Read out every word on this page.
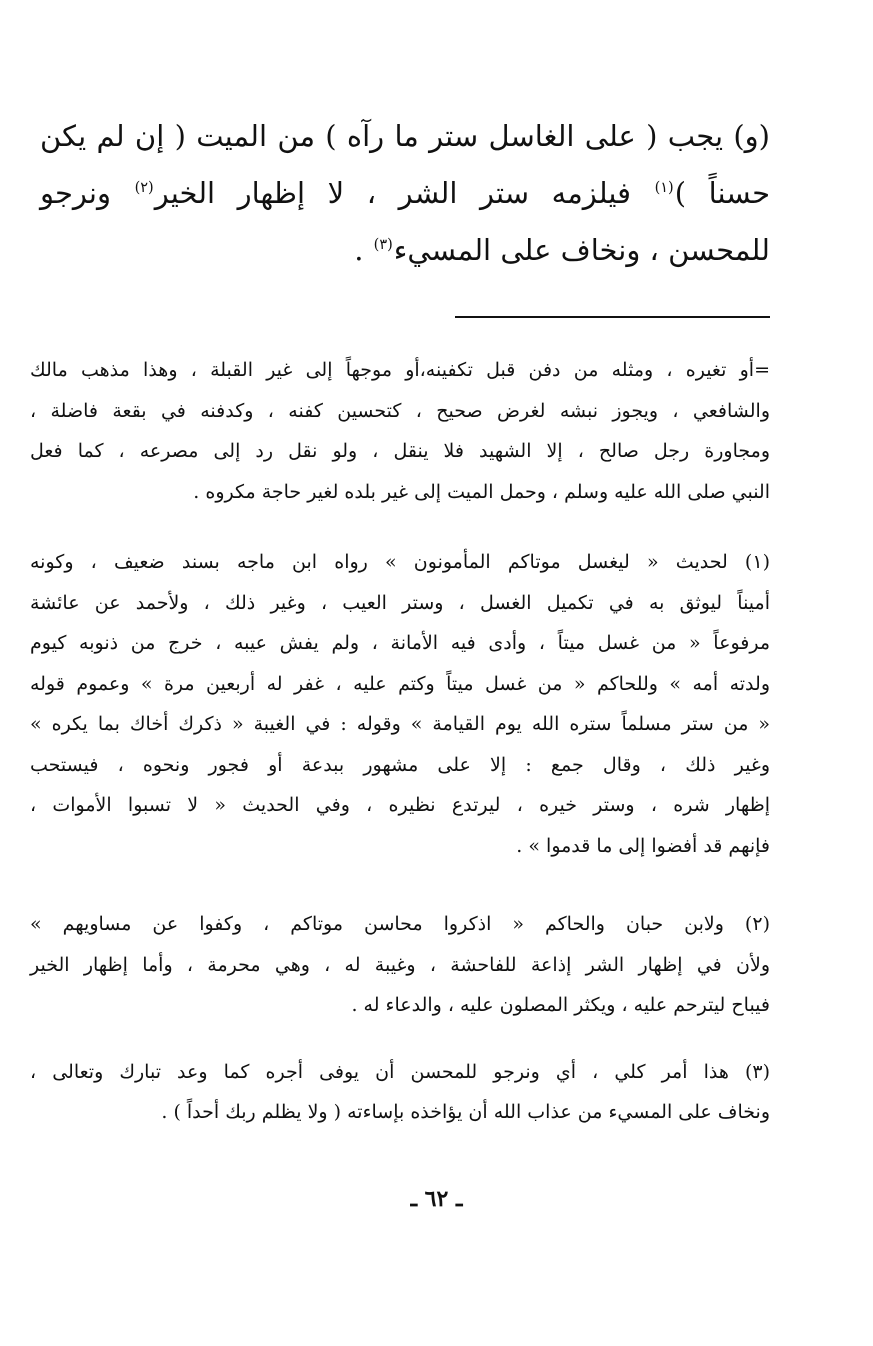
(و) يجب ( على الغاسل ستر ما رآه ) من الميت ( إن لم يكن
حسناً )$^{(١)}$ فيلزمه ستر الشر ، لا إظهار الخير$^{(٢)}$ ونرجو
للمحسن ، ونخاف على المسيء$^{(٣)}$ .
=أو تغيره ، ومثله من دفن قبل تكفينه،أو موجهاً إلى غير القبلة ، وهذا مذهب مالك
والشافعي ، ويجوز نبشه لغرض صحيح ، كتحسين كفنه ، وكدفنه في بقعة فاضلة ،
ومجاورة رجل صالح ، إلا الشهيد فلا ينقل ، ولو نقل رد إلى مصرعه ، كما فعل
النبي صلى الله عليه وسلم ، وحمل الميت إلى غير بلده لغير حاجة مكروه .
(١) لحديث « ليغسل موتاكم المأمونون » رواه ابن ماجه بسند ضعيف ، وكونه
أميناً ليوثق به في تكميل الغسل ، وستر العيب ، وغير ذلك ، ولأحمد عن عائشة
مرفوعاً « من غسل ميتاً ، وأدى فيه الأمانة ، ولم يفش عيبه ، خرج من ذنوبه كيوم
ولدته أمه » وللحاكم « من غسل ميتاً وكتم عليه ، غفر له أربعين مرة » وعموم قوله
« من ستر مسلماً ستره الله يوم القيامة » وقوله : في الغيبة « ذكرك أخاك بما يكره »
وغير ذلك ، وقال جمع : إلا على مشهور ببدعة أو فجور ونحوه ، فيستحب
إظهار شره ، وستر خيره ، ليرتدع نظيره ، وفي الحديث « لا تسبوا الأموات ،
فإنهم قد أفضوا إلى ما قدموا » .
(٢) ولابن حبان والحاكم « اذكروا محاسن موتاكم ، وكفوا عن مساويهم »
ولأن في إظهار الشر إذاعة للفاحشة ، وغيبة له ، وهي محرمة ، وأما إظهار الخير
فيباح ليترحم عليه ، ويكثر المصلون عليه ، والدعاء له .
(٣) هذا أمر كلي ، أي ونرجو للمحسن أن يوفى أجره كما وعد تبارك وتعالى ،
ونخاف على المسيء من عذاب الله أن يؤاخذه بإساءته ( ولا يظلم ربك أحداً ) .
ـ ٦٢ ـ
